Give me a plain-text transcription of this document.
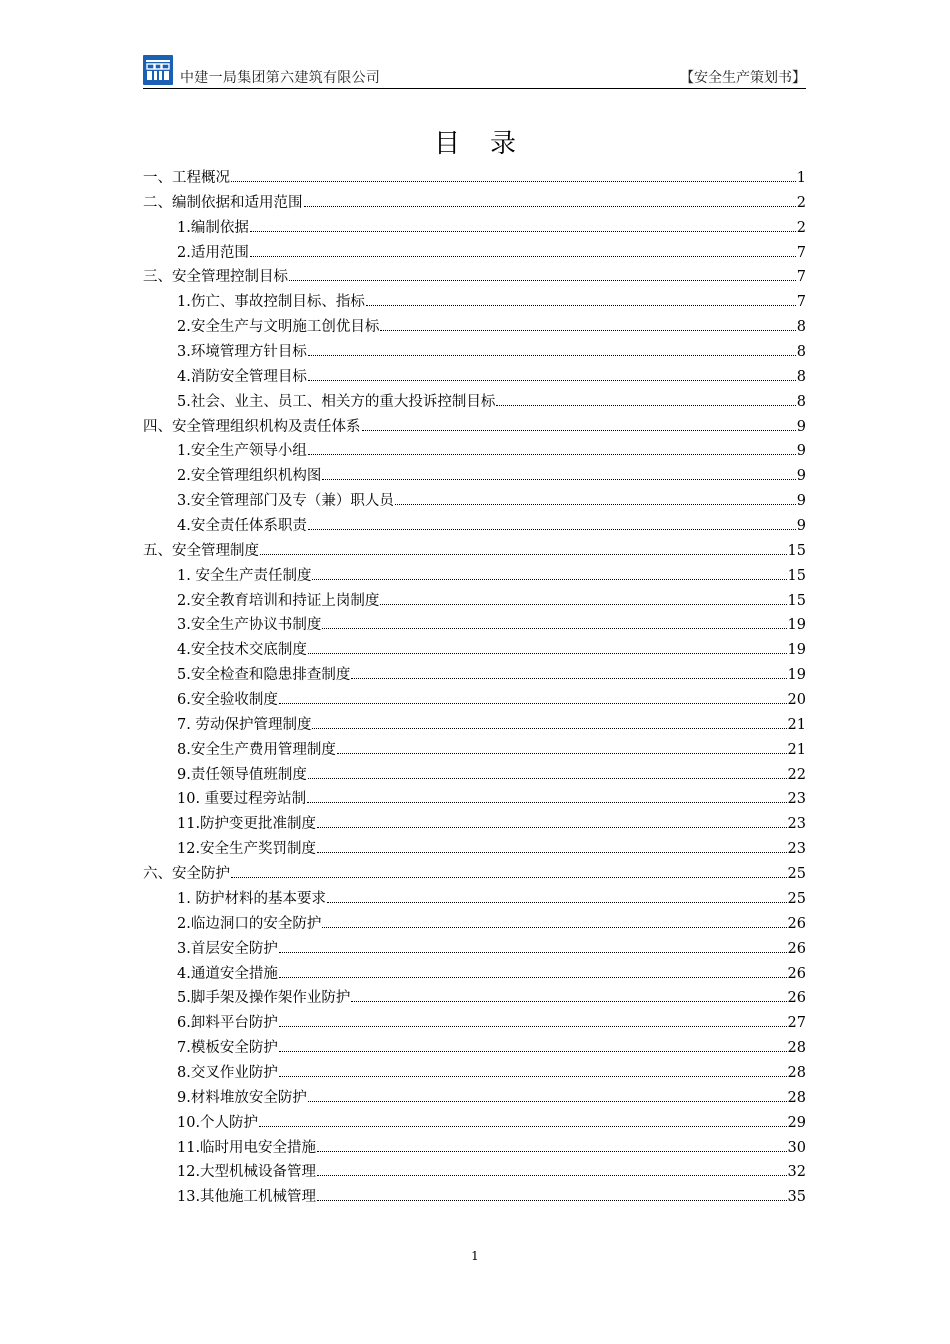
中建一局集团第六建筑有限公司	【安全生产策划书】
目录
一、工程概况	1
二、编制依据和适用范围	2
1.编制依据	2
2.适用范围	7
三、安全管理控制目标	7
1.伤亡、事故控制目标、指标	7
2.安全生产与文明施工创优目标	8
3.环境管理方针目标	8
4.消防安全管理目标	8
5.社会、业主、员工、相关方的重大投诉控制目标	8
四、安全管理组织机构及责任体系	9
1.安全生产领导小组	9
2.安全管理组织机构图	9
3.安全管理部门及专（兼）职人员	9
4.安全责任体系职责	9
五、安全管理制度	15
1. 安全生产责任制度	15
2.安全教育培训和持证上岗制度	15
3.安全生产协议书制度	19
4.安全技术交底制度	19
5.安全检查和隐患排查制度	19
6.安全验收制度	20
7. 劳动保护管理制度	21
8.安全生产费用管理制度	21
9.责任领导值班制度	22
10. 重要过程旁站制	23
11.防护变更批准制度	23
12.安全生产奖罚制度	23
六、安全防护	25
1. 防护材料的基本要求	25
2.临边洞口的安全防护	26
3.首层安全防护	26
4.通道安全措施	26
5.脚手架及操作架作业防护	26
6.卸料平台防护	27
7.模板安全防护	28
8.交叉作业防护	28
9.材料堆放安全防护	28
10.个人防护	29
11.临时用电安全措施	30
12.大型机械设备管理	32
13.其他施工机械管理	35
1
